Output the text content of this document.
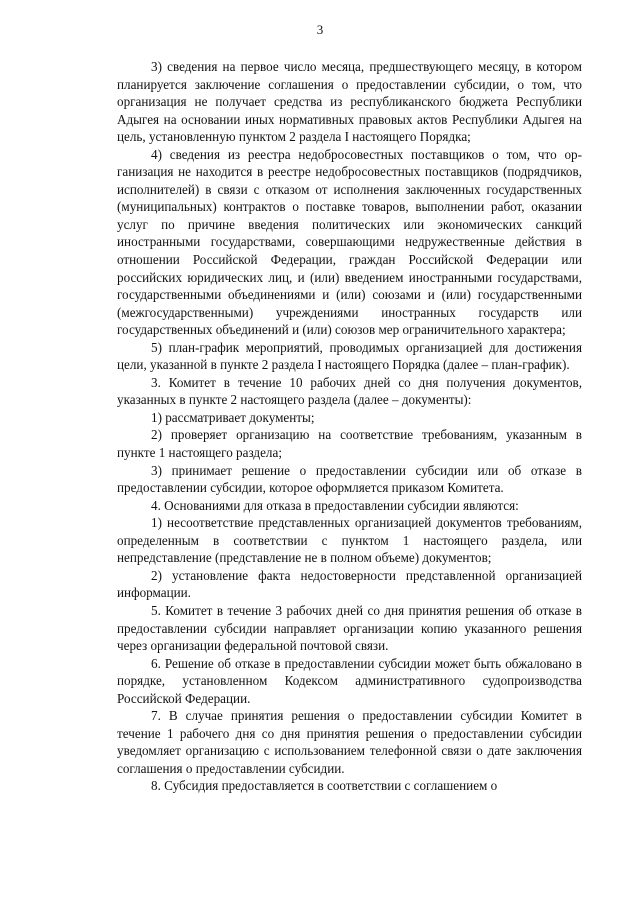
3

3) сведения на первое число месяца, предшествующего месяцу, в котором планируется заключение соглашения о предоставлении субсидии, о том, что организация не получает средства из республиканского бюджета Республики Адыгея на основании иных нормативных правовых актов Республики Адыгея на цель, установленную пунктом 2 раздела I настоящего Порядка;

4) сведения из реестра недобросовестных поставщиков о том, что организация не находится в реестре недобросовестных поставщиков (подрядчиков, исполнителей) в связи с отказом от исполнения заключенных государственных (муниципальных) контрактов о поставке товаров, выполнении работ, оказании услуг по причине введения политических или экономических санкций иностранными государствами, совершающими недружественные действия в отношении Российской Федерации, граждан Российской Федерации или российских юридических лиц, и (или) введением иностранными государствами, государственными объединениями и (или) союзами и (или) государственными (межгосударственными) учреждениями иностранных государств или государственных объединений и (или) союзов мер ограничительного характера;

5) план-график мероприятий, проводимых организацией для достижения цели, указанной в пункте 2 раздела I настоящего Порядка (далее – план-график).

3. Комитет в течение 10 рабочих дней со дня получения документов, указанных в пункте 2 настоящего раздела (далее – документы):

1) рассматривает документы;

2) проверяет организацию на соответствие требованиям, указанным в пункте 1 настоящего раздела;

3) принимает решение о предоставлении субсидии или об отказе в предоставлении субсидии, которое оформляется приказом Комитета.

4. Основаниями для отказа в предоставлении субсидии являются:

1) несоответствие представленных организацией документов требованиям, определенным в соответствии с пунктом 1 настоящего раздела, или непредставление (представление не в полном объеме) документов;

2) установление факта недостоверности представленной организацией информации.

5. Комитет в течение 3 рабочих дней со дня принятия решения об отказе в предоставлении субсидии направляет организации копию указанного решения через организации федеральной почтовой связи.

6. Решение об отказе в предоставлении субсидии может быть обжаловано в порядке, установленном Кодексом административного судопроизводства Российской Федерации.

7. В случае принятия решения о предоставлении субсидии Комитет в течение 1 рабочего дня со дня принятия решения о предоставлении субсидии уведомляет организацию с использованием телефонной связи о дате заключения соглашения о предоставлении субсидии.

8. Субсидия предоставляется в соответствии с соглашением о
